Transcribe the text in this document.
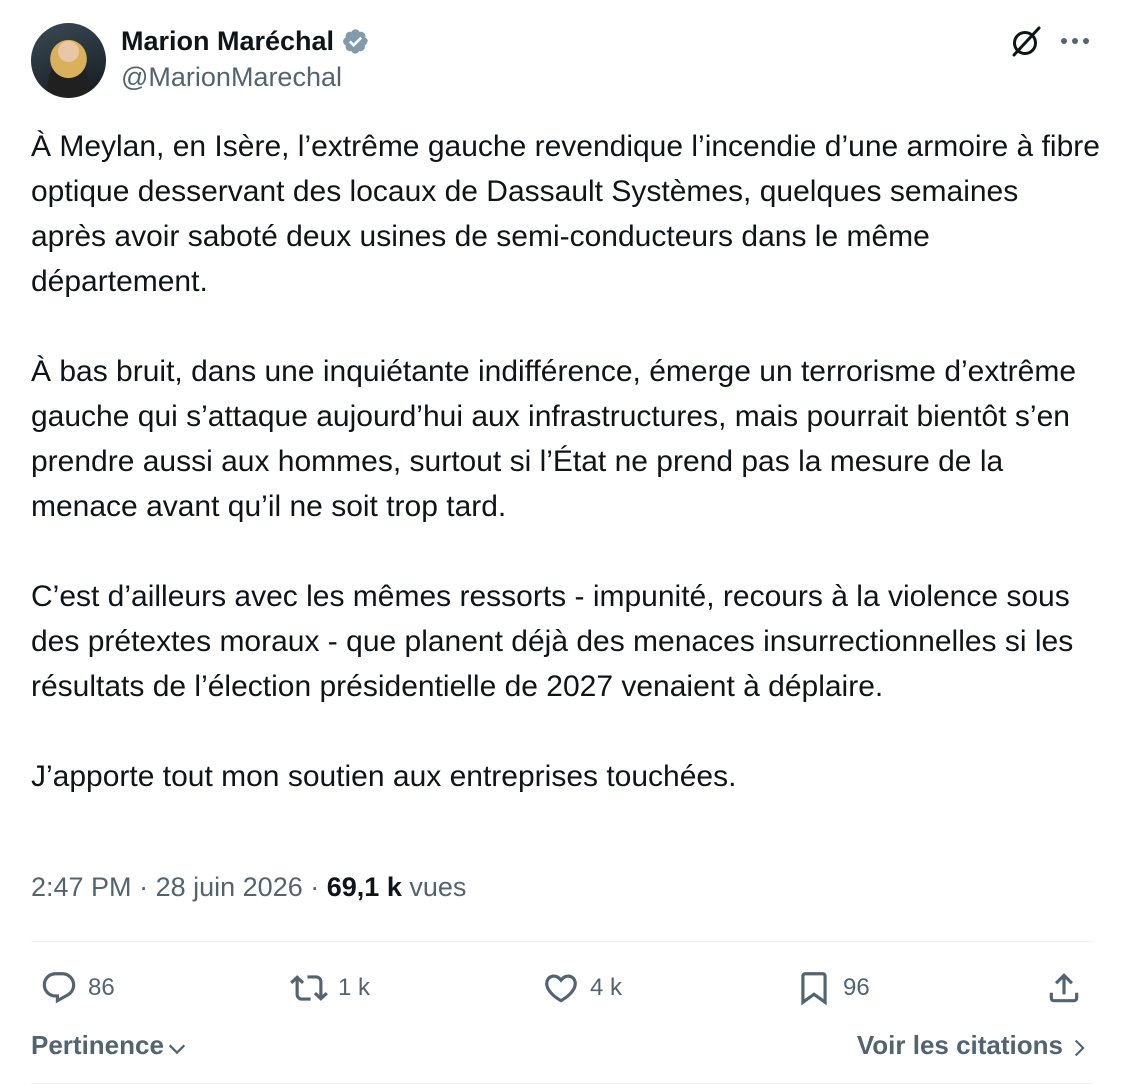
Marion Maréchal
@MarionMarechal

À Meylan, en Isère, l’extrême gauche revendique l’incendie d’une armoire à fibre optique desservant des locaux de Dassault Systèmes, quelques semaines après avoir saboté deux usines de semi-conducteurs dans le même département.

À bas bruit, dans une inquiétante indifférence, émerge un terrorisme d’extrême gauche qui s’attaque aujourd’hui aux infrastructures, mais pourrait bientôt s’en prendre aussi aux hommes, surtout si l’État ne prend pas la mesure de la menace avant qu’il ne soit trop tard.

C’est d’ailleurs avec les mêmes ressorts - impunité, recours à la violence sous des prétextes moraux - que planent déjà des menaces insurrectionnelles si les résultats de l’élection présidentielle de 2027 venaient à déplaire.

J’apporte tout mon soutien aux entreprises touchées.

2:47 PM · 28 juin 2026 · 69,1 k vues
86	1 k	4 k	96
Pertinence	Voir les citations
